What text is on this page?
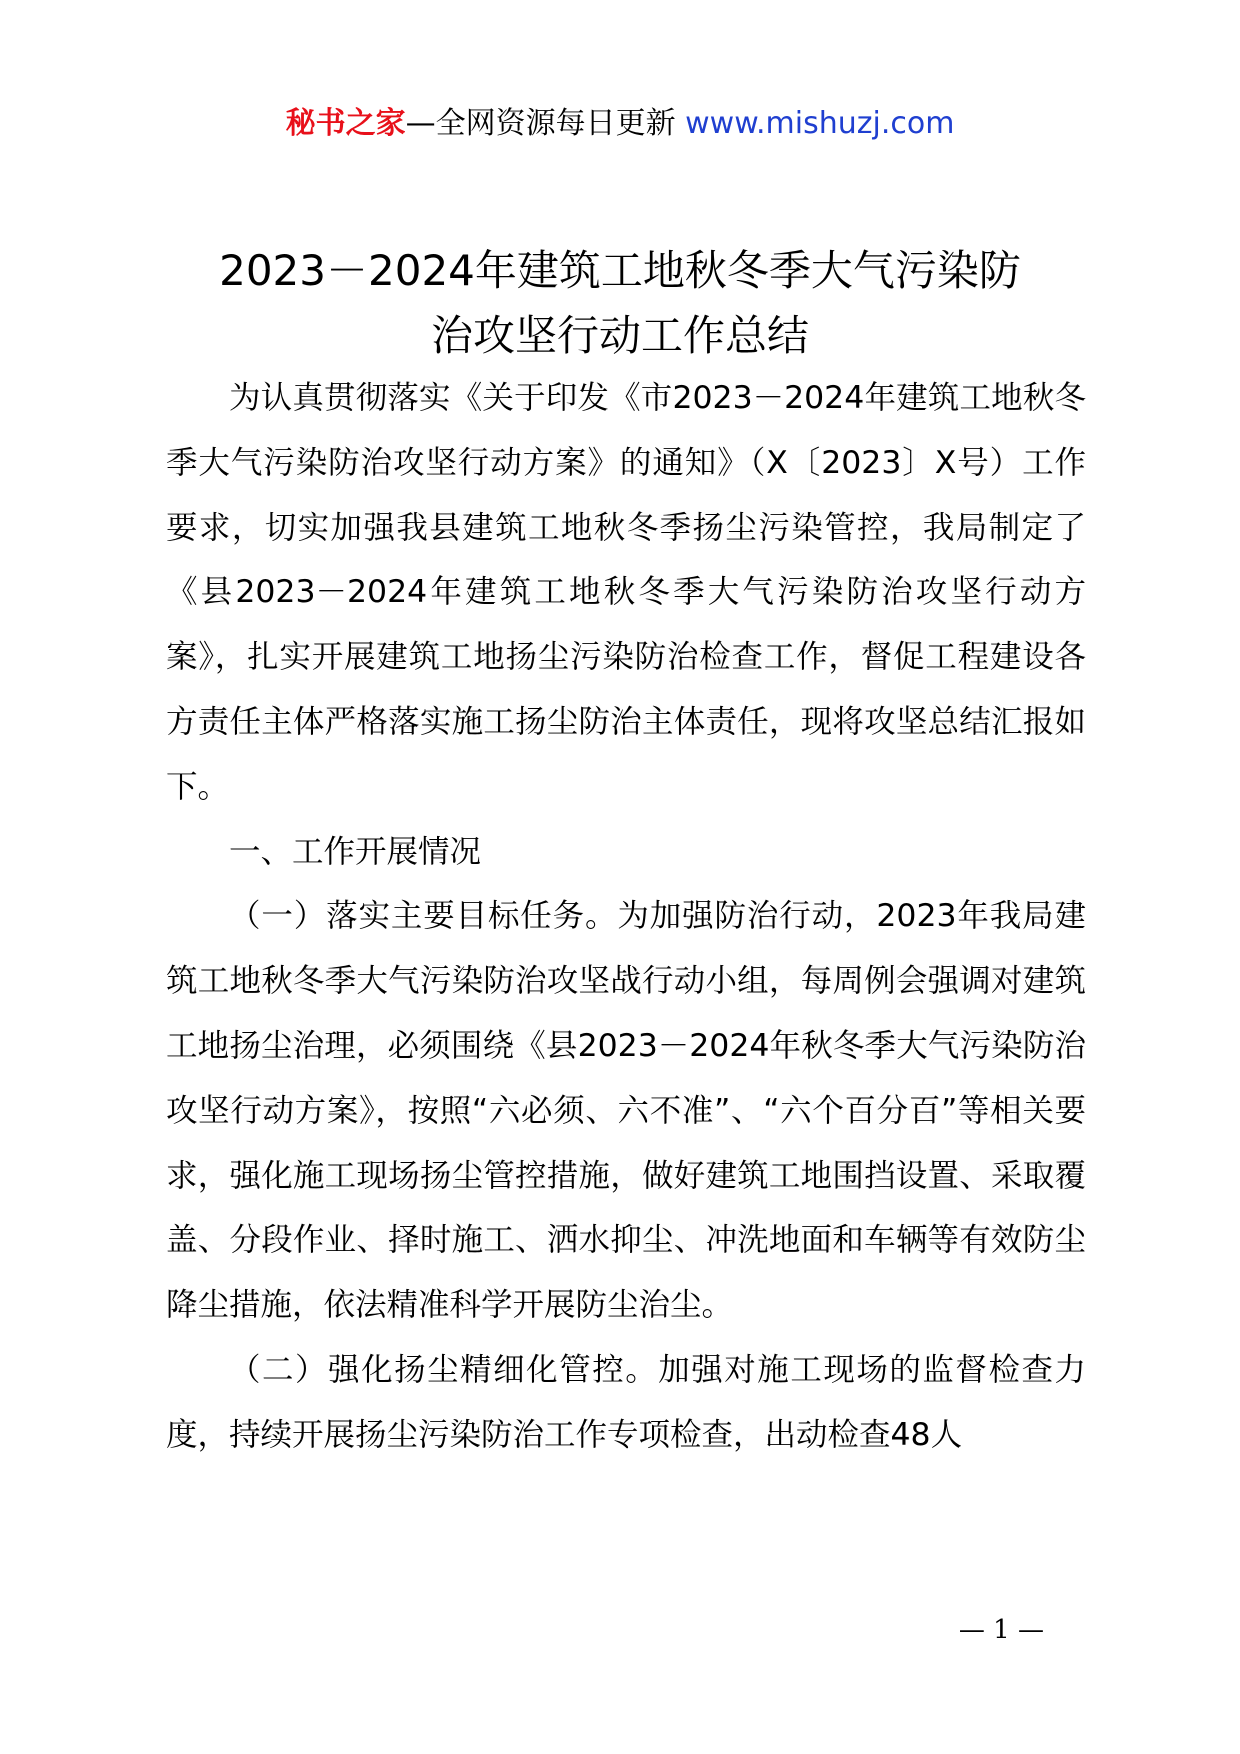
秘书之家—全网资源每日更新 www.mishuzj.com
2023－2024年建筑工地秋冬季大气污染防
治攻坚行动工作总结

为认真贯彻落实《关于印发《市2023－2024年建筑工地秋冬季大气污染防治攻坚行动方案》的通知》（X〔2023〕X号）工作要求，切实加强我县建筑工地秋冬季扬尘污染管控，我局制定了《县2023－2024年建筑工地秋冬季大气污染防治攻坚行动方案》，扎实开展建筑工地扬尘污染防治检查工作，督促工程建设各方责任主体严格落实施工扬尘防治主体责任，现将攻坚总结汇报如下。

一、工作开展情况

（一）落实主要目标任务。为加强防治行动，2023年我局建筑工地秋冬季大气污染防治攻坚战行动小组，每周例会强调对建筑工地扬尘治理，必须围绕《县2023－2024年秋冬季大气污染防治攻坚行动方案》，按照“六必须、六不准”、“六个百分百”等相关要求，强化施工现场扬尘管控措施，做好建筑工地围挡设置、采取覆盖、分段作业、择时施工、洒水抑尘、冲洗地面和车辆等有效防尘降尘措施，依法精准科学开展防尘治尘。

（二）强化扬尘精细化管控。加强对施工现场的监督检查力度，持续开展扬尘污染防治工作专项检查，出动检查48人

— 1 —
